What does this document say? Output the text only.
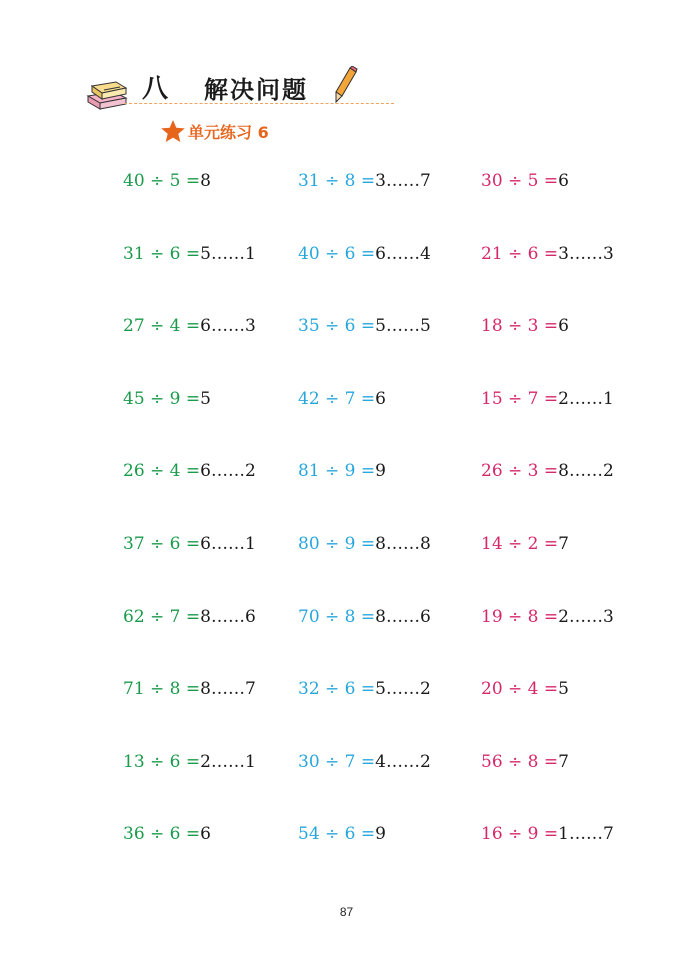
八 解决问题
单元练习 6
40 ÷ 5 =8
31 ÷ 6 =5……1
27 ÷ 4 =6……3
45 ÷ 9 =5
26 ÷ 4 =6……2
37 ÷ 6 =6……1
62 ÷ 7 =8……6
71 ÷ 8 =8……7
13 ÷ 6 =2……1
36 ÷ 6 =6
31 ÷ 8 =3……7
40 ÷ 6 =6……4
35 ÷ 6 =5……5
42 ÷ 7 =6
81 ÷ 9 =9
80 ÷ 9 =8……8
70 ÷ 8 =8……6
32 ÷ 6 =5……2
30 ÷ 7 =4……2
54 ÷ 6 =9
30 ÷ 5 =6
21 ÷ 6 =3……3
18 ÷ 3 =6
15 ÷ 7 =2……1
26 ÷ 3 =8……2
14 ÷ 2 =7
19 ÷ 8 =2……3
20 ÷ 4 =5
56 ÷ 8 =7
16 ÷ 9 =1……7
87
